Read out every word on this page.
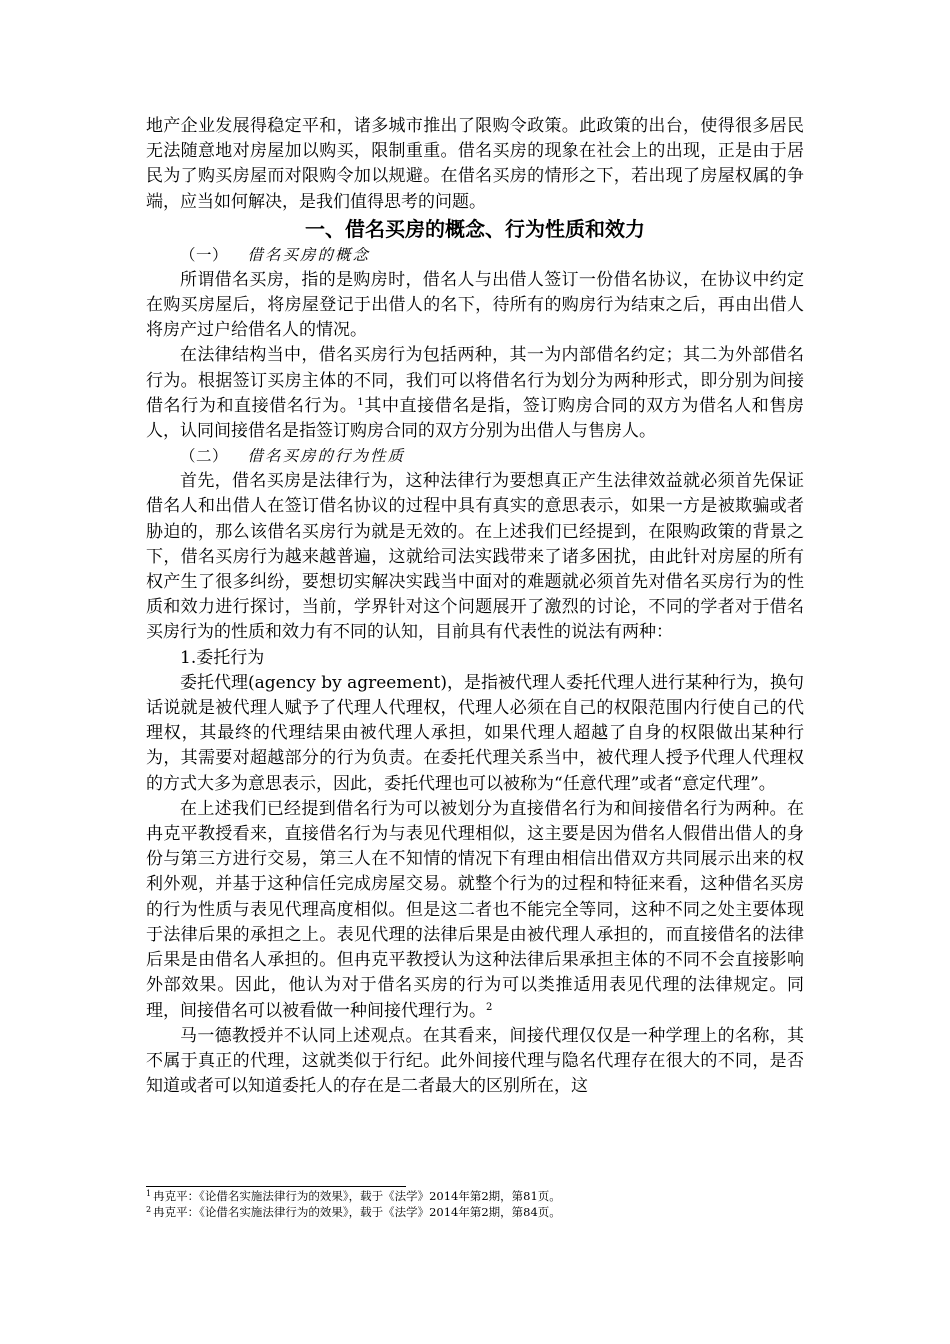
地产企业发展得稳定平和，诸多城市推出了限购令政策。此政策的出台，使得很多居民无法随意地对房屋加以购买，限制重重。借名买房的现象在社会上的出现，正是由于居民为了购买房屋而对限购令加以规避。在借名买房的情形之下，若出现了房屋权属的争端，应当如何解决，是我们值得思考的问题。

一、借名买房的概念、行为性质和效力
（一） 借名买房的概念

所谓借名买房，指的是购房时，借名人与出借人签订一份借名协议，在协议中约定在购买房屋后，将房屋登记于出借人的名下，待所有的购房行为结束之后，再由出借人将房产过户给借名人的情况。

在法律结构当中，借名买房行为包括两种，其一为内部借名约定；其二为外部借名行为。根据签订买房主体的不同，我们可以将借名行为划分为两种形式，即分别为间接借名行为和直接借名行为。$^1$其中直接借名是指，签订购房合同的双方为借名人和售房人，认同间接借名是指签订购房合同的双方分别为出借人与售房人。

（二） 借名买房的行为性质

首先，借名买房是法律行为，这种法律行为要想真正产生法律效益就必须首先保证借名人和出借人在签订借名协议的过程中具有真实的意思表示，如果一方是被欺骗或者胁迫的，那么该借名买房行为就是无效的。在上述我们已经提到，在限购政策的背景之下，借名买房行为越来越普遍，这就给司法实践带来了诸多困扰，由此针对房屋的所有权产生了很多纠纷，要想切实解决实践当中面对的难题就必须首先对借名买房行为的性质和效力进行探讨，当前，学界针对这个问题展开了激烈的讨论，不同的学者对于借名买房行为的性质和效力有不同的认知，目前具有代表性的说法有两种：

1.委托行为

委托代理(agency by agreement)，是指被代理人委托代理人进行某种行为，换句话说就是被代理人赋予了代理人代理权，代理人必须在自己的权限范围内行使自己的代理权，其最终的代理结果由被代理人承担，如果代理人超越了自身的权限做出某种行为，其需要对超越部分的行为负责。在委托代理关系当中，被代理人授予代理人代理权的方式大多为意思表示，因此，委托代理也可以被称为“任意代理”或者“意定代理”。

在上述我们已经提到借名行为可以被划分为直接借名行为和间接借名行为两种。在冉克平教授看来，直接借名行为与表见代理相似，这主要是因为借名人假借出借人的身份与第三方进行交易，第三人在不知情的情况下有理由相信出借双方共同展示出来的权利外观，并基于这种信任完成房屋交易。就整个行为的过程和特征来看，这种借名买房的行为性质与表见代理高度相似。但是这二者也不能完全等同，这种不同之处主要体现于法律后果的承担之上。表见代理的法律后果是由被代理人承担的，而直接借名的法律后果是由借名人承担的。但冉克平教授认为这种法律后果承担主体的不同不会直接影响外部效果。因此，他认为对于借名买房的行为可以类推适用表见代理的法律规定。同理，间接借名可以被看做一种间接代理行为。$^2$

马一德教授并不认同上述观点。在其看来，间接代理仅仅是一种学理上的名称，其不属于真正的代理，这就类似于行纪。此外间接代理与隐名代理存在很大的不同，是否知道或者可以知道委托人的存在是二者最大的区别所在，这

$^1$ 冉克平：《论借名实施法律行为的效果》，载于《法学》2014年第2期，第81页。

$^2$ 冉克平：《论借名实施法律行为的效果》，载于《法学》2014年第2期，第84页。
